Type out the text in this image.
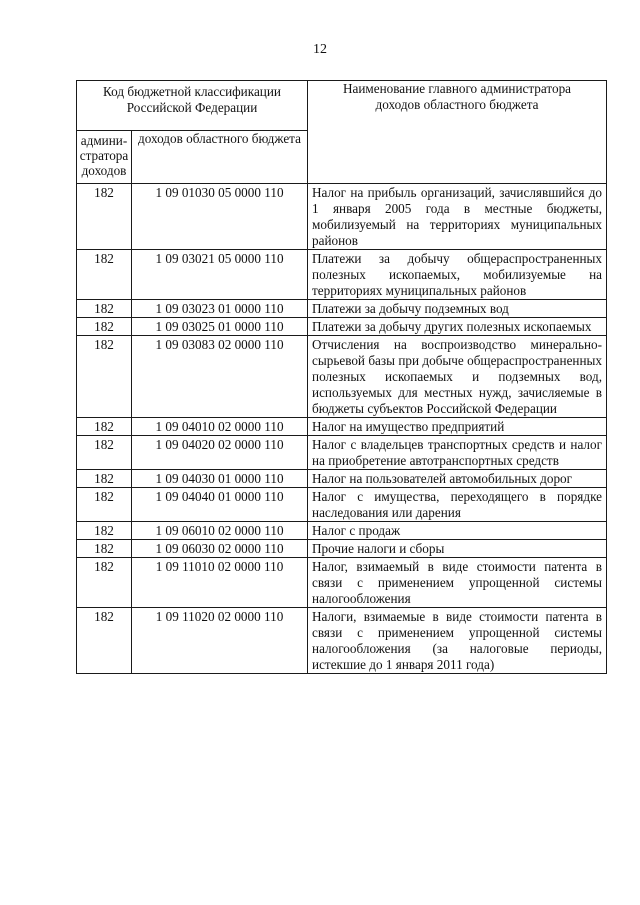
12
Код бюджетной классификации Российской Федерации		Наименование главного администратора доходов областного бюджета
админи-стратора доходов	доходов областного бюджета	
182	1 09 01030 05 0000 110	Налог на прибыль организаций, зачислявшийся до 1 января 2005 года в местные бюджеты, мобилизуемый на территориях муниципальных районов
182	1 09 03021 05 0000 110	Платежи за добычу общераспространенных полезных ископаемых, мобилизуемые на территориях муниципальных районов
182	1 09 03023 01 0000 110	Платежи за добычу подземных вод
182	1 09 03025 01 0000 110	Платежи за добычу других полезных ископаемых
182	1 09 03083 02 0000 110	Отчисления на воспроизводство минерально-сырьевой базы при добыче общераспространенных полезных ископаемых и подземных вод, используемых для местных нужд, зачисляемые в бюджеты субъектов Российской Федерации
182	1 09 04010 02 0000 110	Налог на имущество предприятий
182	1 09 04020 02 0000 110	Налог с владельцев транспортных средств и налог на приобретение автотранспортных средств
182	1 09 04030 01 0000 110	Налог на пользователей автомобильных дорог
182	1 09 04040 01 0000 110	Налог с имущества, переходящего в порядке наследования или дарения
182	1 09 06010 02 0000 110	Налог с продаж
182	1 09 06030 02 0000 110	Прочие налоги и сборы
182	1 09 11010 02 0000 110	Налог, взимаемый в виде стоимости патента в связи с применением упрощенной системы налогообложения
182	1 09 11020 02 0000 110	Налоги, взимаемые в виде стоимости патента в связи с применением упрощенной системы налогообложения (за налоговые периоды, истекшие до 1 января 2011 года)
